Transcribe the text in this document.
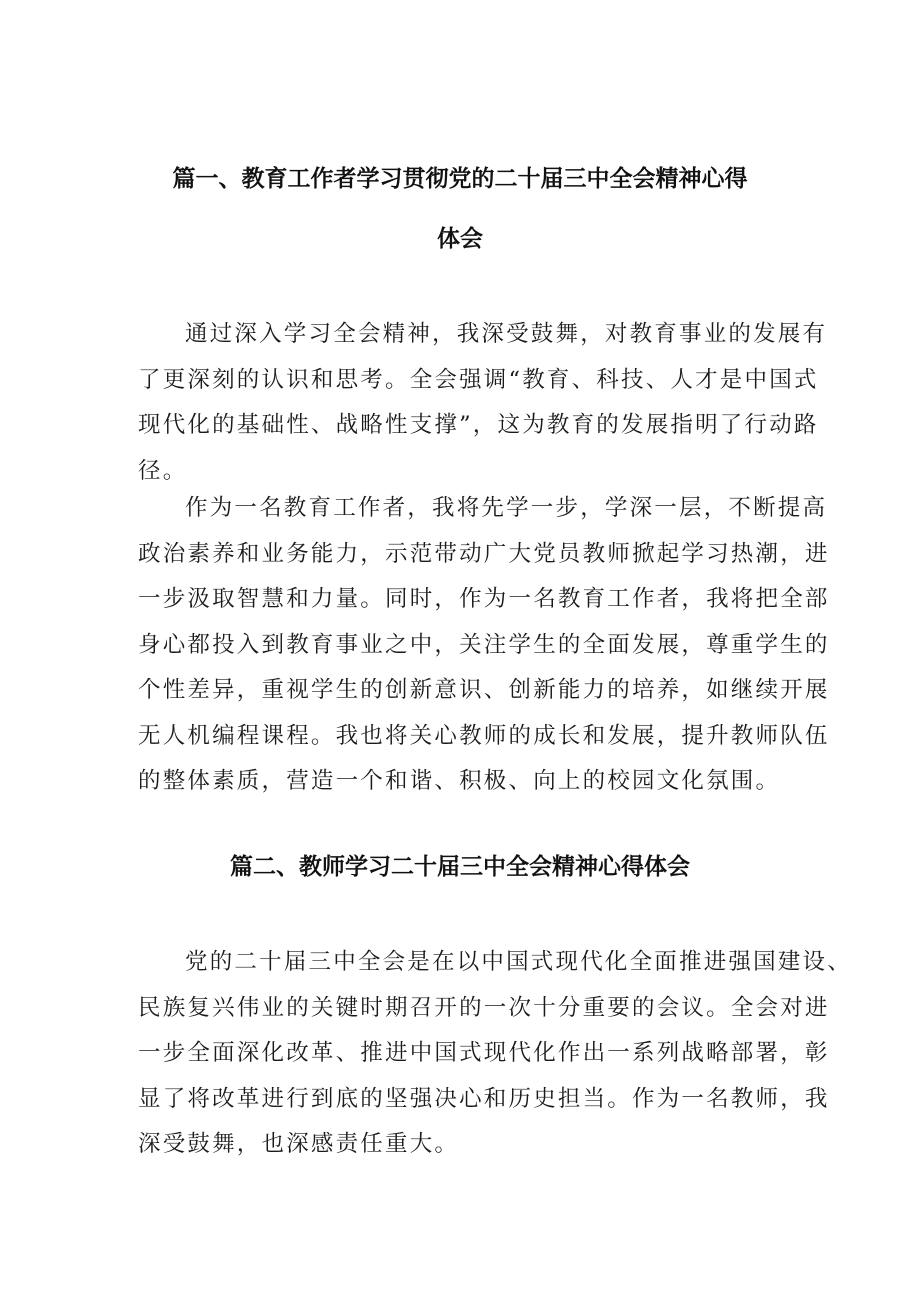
篇一、教育工作者学习贯彻党的二十届三中全会精神心得
体会
通过深入学习全会精神，我深受鼓舞，对教育事业的发展有
了更深刻的认识和思考。全会强调“教育、科技、人才是中国式
现代化的基础性、战略性支撑”，这为教育的发展指明了行动路
径。
作为一名教育工作者，我将先学一步，学深一层，不断提高
政治素养和业务能力，示范带动广大党员教师掀起学习热潮，进
一步汲取智慧和力量。同时，作为一名教育工作者，我将把全部
身心都投入到教育事业之中，关注学生的全面发展，尊重学生的
个性差异，重视学生的创新意识、创新能力的培养，如继续开展
无人机编程课程。我也将关心教师的成长和发展，提升教师队伍
的整体素质，营造一个和谐、积极、向上的校园文化氛围。
篇二、教师学习二十届三中全会精神心得体会
党的二十届三中全会是在以中国式现代化全面推进强国建设、
民族复兴伟业的关键时期召开的一次十分重要的会议。全会对进
一步全面深化改革、推进中国式现代化作出一系列战略部署，彰
显了将改革进行到底的坚强决心和历史担当。作为一名教师，我
深受鼓舞，也深感责任重大。
